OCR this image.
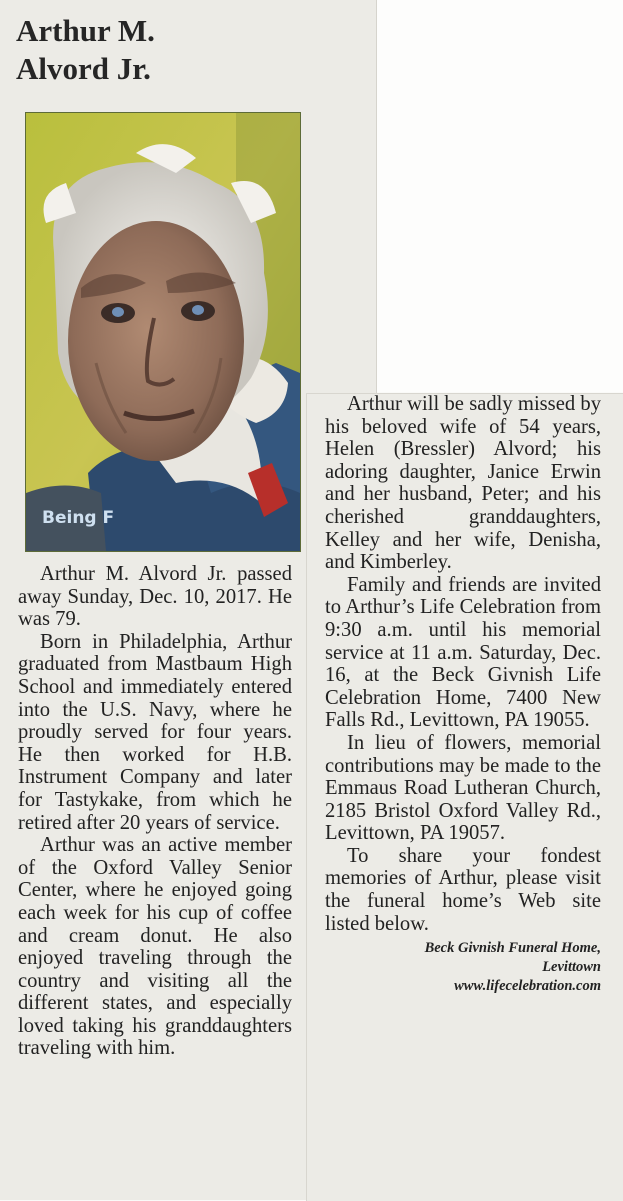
Arthur M.
Alvord Jr.
Being F

Arthur M. Alvord Jr. passed away Sunday, Dec. 10, 2017. He was 79.

Born in Philadelphia, Arthur graduated from Mastbaum High School and immediately entered into the U.S. Navy, where he proudly served for four years. He then worked for H.B. Instrument Company and later for Tastykake, from which he retired after 20 years of service.

Arthur was an active member of the Oxford Valley Senior Center, where he enjoyed going each week for his cup of coffee and cream donut. He also enjoyed traveling through the country and visiting all the different states, and especially loved taking his granddaughters traveling with him.

Arthur will be sadly missed by his beloved wife of 54 years, Helen (Bressler) Alvord; his adoring daughter, Janice Erwin and her husband, Peter; and his cherished granddaughters, Kelley and her wife, Denisha, and Kimberley.

Family and friends are invited to Arthur’s Life Celebration from 9:30 a.m. until his memorial service at 11 a.m. Saturday, Dec. 16, at the Beck Givnish Life Celebration Home, 7400 New Falls Rd., Levittown, PA 19055.

In lieu of flowers, memorial contributions may be made to the Emmaus Road Lutheran Church, 2185 Bristol Oxford Valley Rd., Levittown, PA 19057.

To share your fondest memories of Arthur, please visit the funeral home’s Web site listed below.

Beck Givnish Funeral Home,
Levittown
www.lifecelebration.com
